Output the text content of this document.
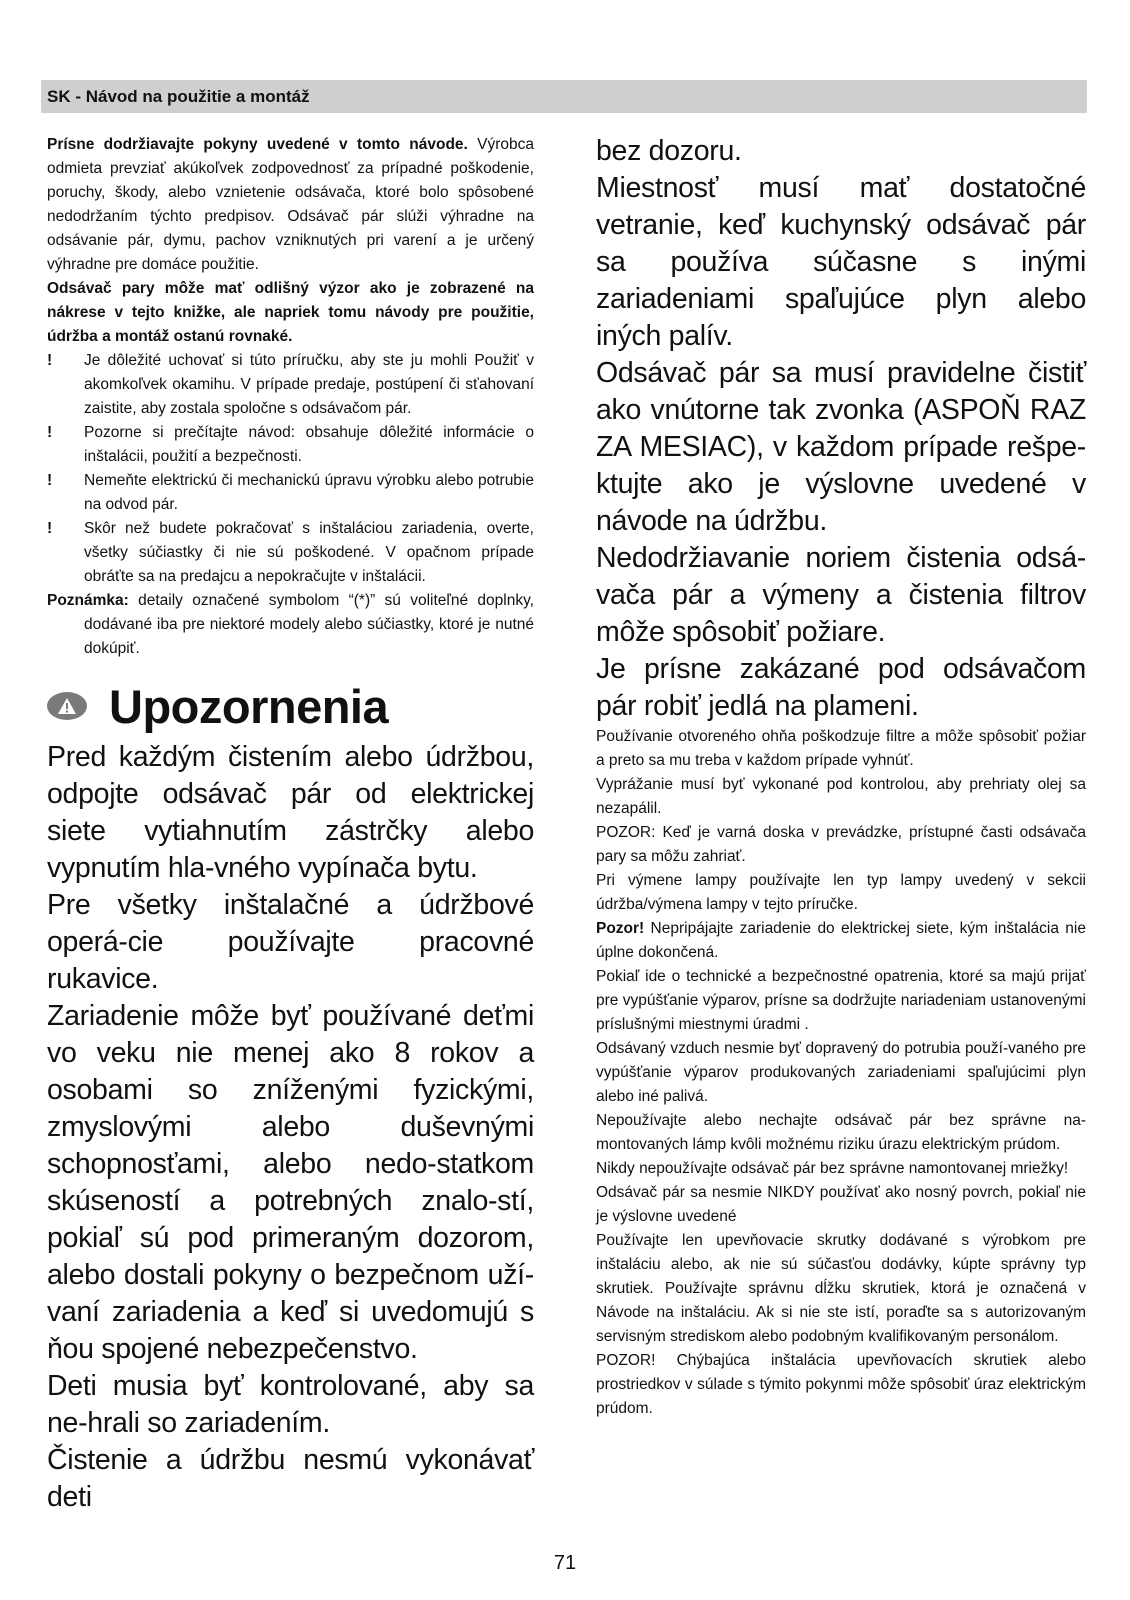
SK - Návod na použitie a montáž

Prísne dodržiavajte pokyny uvedené v tomto návode. Výrobca odmieta prevziať akúkoľvek zodpovednosť za prípadné poškodenie, poruchy, škody, alebo vznietenie odsávača, ktoré bolo spôsobené nedodržaním týchto predpisov. Odsávač pár slúži výhradne na odsávanie pár, dymu, pachov vzniknutých pri varení a je určený výhradne pre domáce použitie.

Odsávač pary môže mať odlišný výzor ako je zobrazené na nákrese v tejto knižke, ale napriek tomu návody pre použitie, údržba a montáž ostanú rovnaké.

!	Je dôležité uchovať si túto príručku, aby ste ju mohli Použiť v akomkoľvek okamihu. V prípade predaje, postúpení či sťahovaní zaistite, aby zostala spoločne s odsávačom pár.
!	Pozorne si prečítajte návod: obsahuje dôležité informácie o inštalácii, použití a bezpečnosti.
!	Nemeňte elektrickú či mechanickú úpravu výrobku alebo potrubie na odvod pár.
!	Skôr než budete pokračovať s inštaláciou zariadenia, overte, všetky súčiastky či nie sú poškodené. V opačnom prípade obráťte sa na predajcu a nepokračujte v inštalácii.

Poznámka: detaily označené symbolom “(*)” sú voliteľné doplnky, dodávané iba pre niektoré modely alebo súčiastky, ktoré je nutné dokúpiť.

Upozornenia

Pred každým čistením alebo údržbou, odpojte odsávač pár od elektrickej siete vytiahnutím zástrčky alebo vypnutím hla-vného vypínača bytu.

Pre všetky inštalačné a údržbové operá-cie používajte pracovné rukavice.

Zariadenie môže byť používané deťmi vo veku nie menej ako 8 rokov a osobami so zníženými fyzickými, zmyslovými alebo duševnými schopnosťami, alebo nedo-statkom skúseností a potrebných znalo-stí, pokiaľ sú pod primeraným dozorom, alebo dostali pokyny o bezpečnom uží-vaní zariadenia a keď si uvedomujú s ňou spojené nebezpečenstvo.

Deti musia byť kontrolované, aby sa ne-hrali so zariadením.

Čistenie a údržbu nesmú vykonávať deti

bez dozoru.

Miestnosť musí mať dostatočné vetranie, keď kuchynský odsávač pár sa používa súčasne s inými zariadeniami spaľujúce plyn alebo iných palív.

Odsávač pár sa musí pravidelne čistiť ako vnútorne tak zvonka (ASPOŇ RAZ ZA MESIAC), v každom prípade rešpe-ktujte ako je výslovne uvedené v návode na údržbu.

Nedodržiavanie noriem čistenia odsá-vača pár a výmeny a čistenia filtrov môže spôsobiť požiare.

Je prísne zakázané pod odsávačom pár robiť jedlá na plameni.

Používanie otvoreného ohňa poškodzuje filtre a môže spôsobiť požiar a preto sa mu treba v každom prípade vyhnúť.

Vyprážanie musí byť vykonané pod kontrolou, aby prehriaty olej sa nezapálil.

POZOR: Keď je varná doska v prevádzke, prístupné časti odsávača pary sa môžu zahriať.

Pri výmene lampy používajte len typ lampy uvedený v sekcii údržba/výmena lampy v tejto príručke.

Pozor! Nepripájajte zariadenie do elektrickej siete, kým inštalácia nie úplne dokončená.

Pokiaľ ide o technické a bezpečnostné opatrenia, ktoré sa majú prijať pre vypúšťanie výparov, prísne sa dodržujte nariadeniam ustanovenými príslušnými miestnymi úradmi .

Odsávaný vzduch nesmie byť dopravený do potrubia použí-vaného pre vypúšťanie výparov produkovaných zariadeniami spaľujúcimi plyn alebo iné palivá.

Nepoužívajte alebo nechajte odsávač pár bez správne na-montovaných lámp kvôli možnému riziku úrazu elektrickým prúdom.

Nikdy nepoužívajte odsávač pár bez správne namontovanej mriežky!

Odsávač pár sa nesmie NIKDY používať ako nosný povrch, pokiaľ nie je výslovne uvedené

Používajte len upevňovacie skrutky dodávané s výrobkom pre inštaláciu alebo, ak nie sú súčasťou dodávky, kúpte správny typ skrutiek. Používajte správnu dĺžku skrutiek, ktorá je označená v Návode na inštaláciu. Ak si nie ste istí, poraďte sa s autorizovaným servisným strediskom alebo podobným kvalifikovaným personálom.

POZOR! Chýbajúca inštalácia upevňovacích skrutiek alebo prostriedkov v súlade s týmito pokynmi môže spôsobiť úraz elektrickým prúdom.

71
